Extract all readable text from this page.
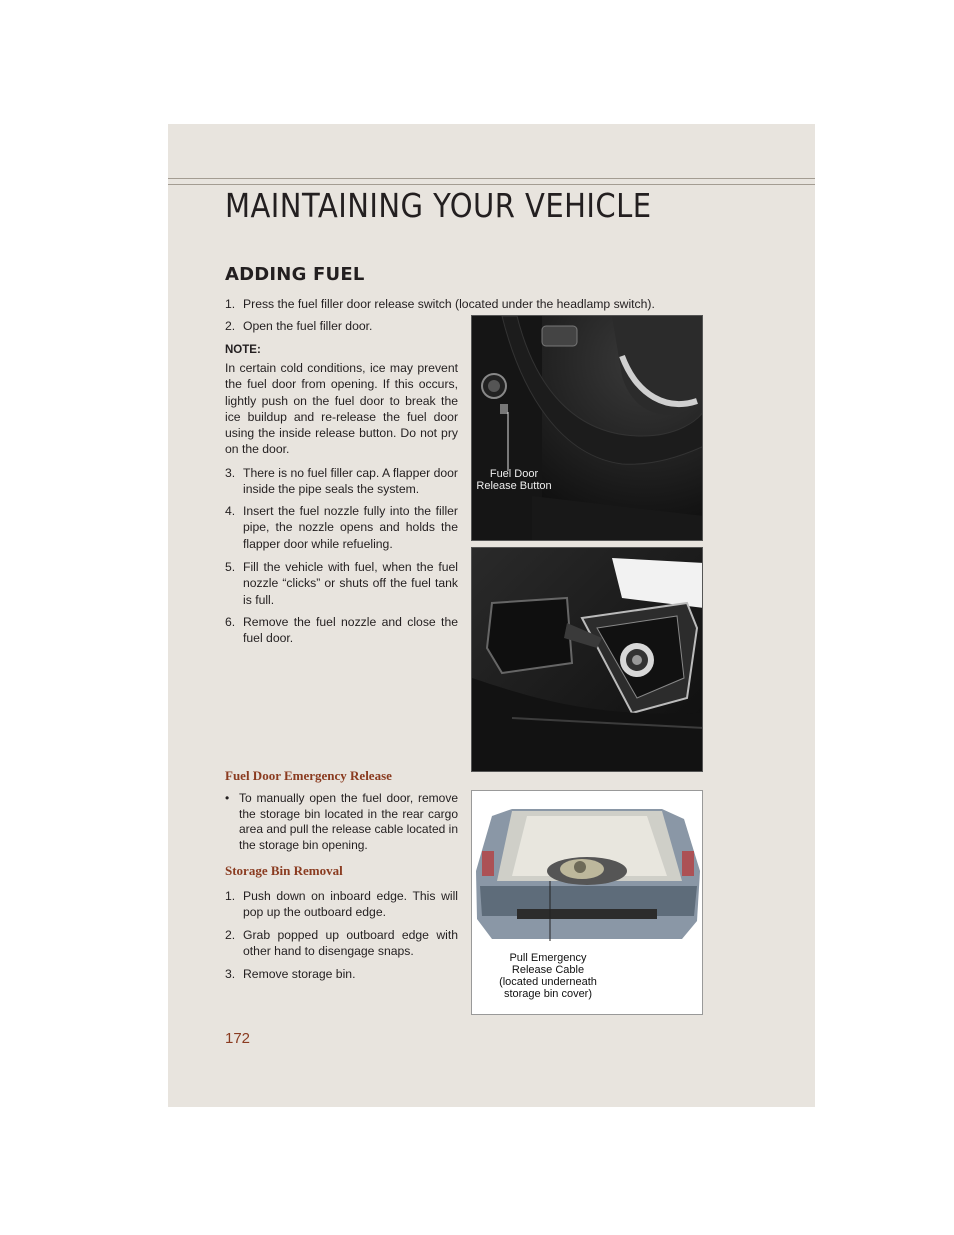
MAINTAINING YOUR VEHICLE
ADDING FUEL
1. Press the fuel filler door release switch (located under the headlamp switch).
2. Open the fuel filler door.
NOTE:
In certain cold conditions, ice may prevent the fuel door from opening. If this occurs, lightly push on the fuel door to break the ice buildup and re-release the fuel door using the inside release button. Do not pry on the door.
3. There is no fuel filler cap. A flapper door inside the pipe seals the system.
4. Insert the fuel nozzle fully into the filler pipe, the nozzle opens and holds the flapper door while refueling.
5. Fill the vehicle with fuel, when the fuel nozzle “clicks” or shuts off the fuel tank is full.
6. Remove the fuel nozzle and close the fuel door.
Fuel Door Emergency Release
• To manually open the fuel door, remove the storage bin located in the rear cargo area and pull the release cable located in the storage bin opening.
Storage Bin Removal
1. Push down on inboard edge. This will pop up the outboard edge.
2. Grab popped up outboard edge with other hand to disengage snaps.
3. Remove storage bin.
Fuel Door
Release Button
Pull Emergency
Release Cable
(located underneath
storage bin cover)
172
